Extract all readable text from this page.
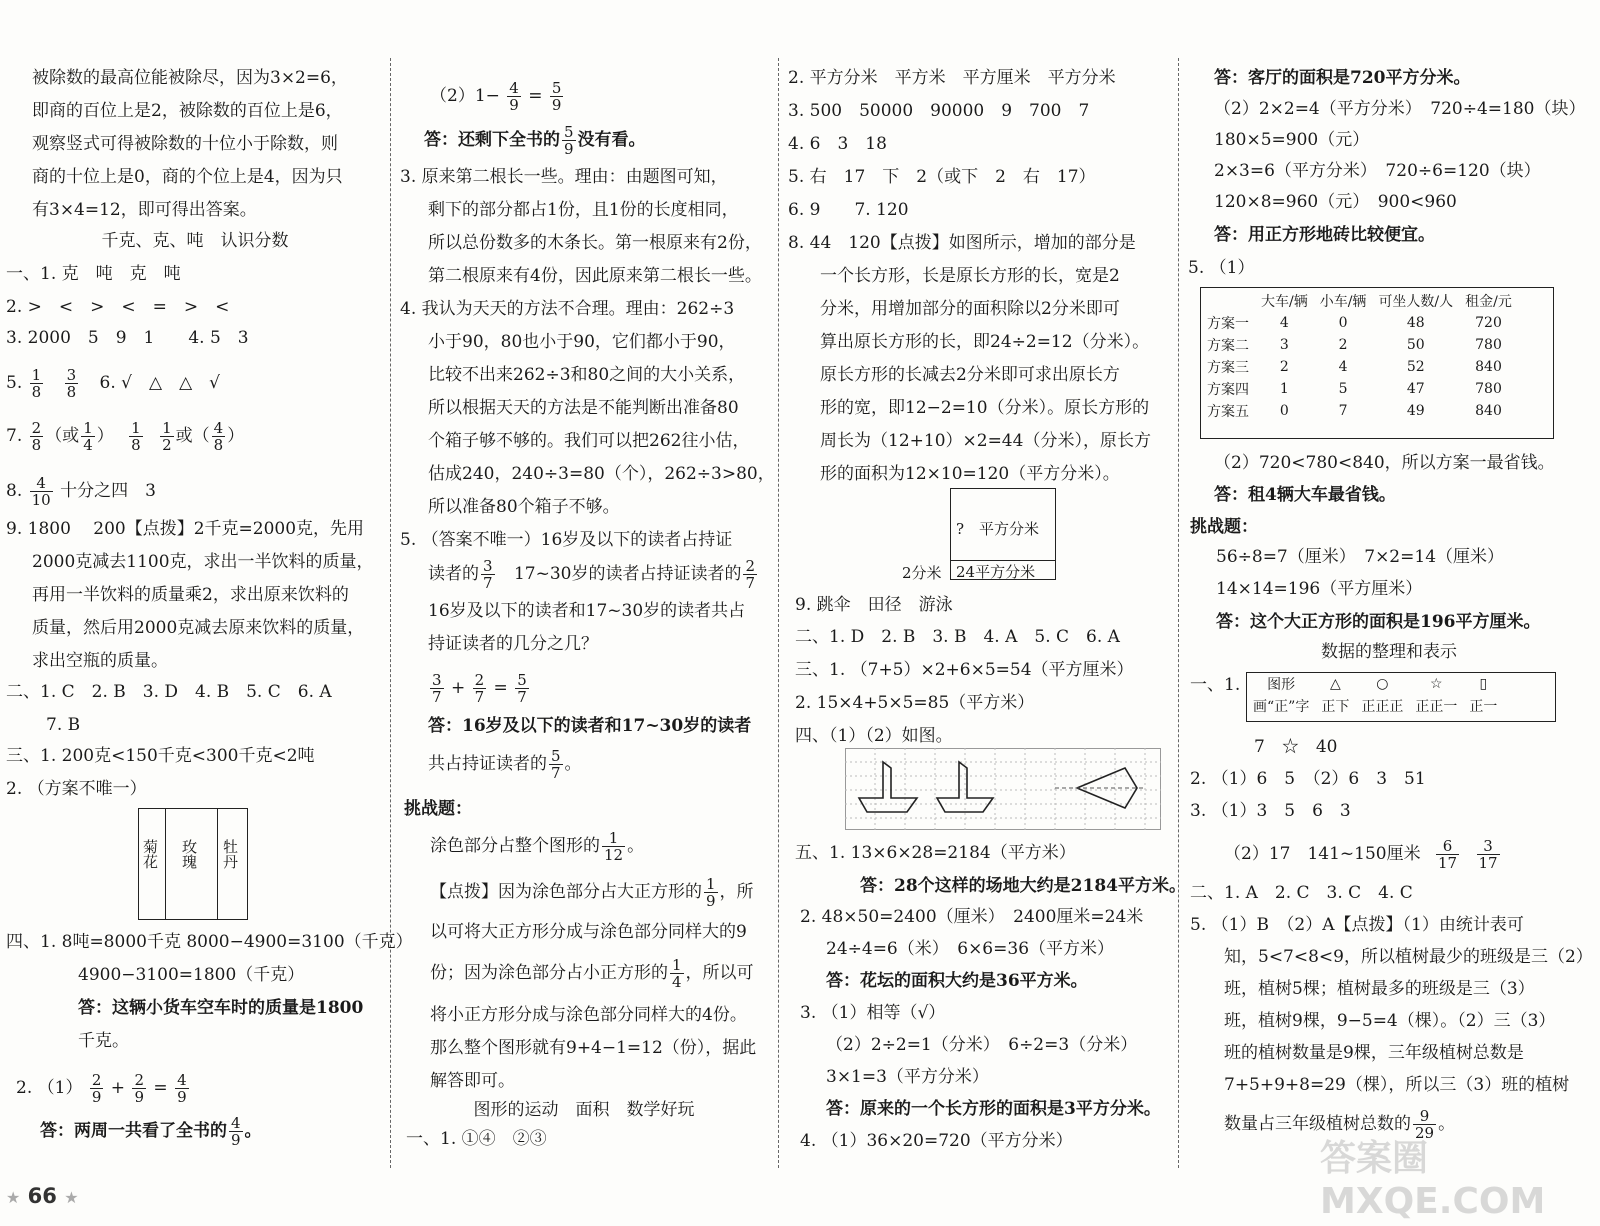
被除数的最高位能被除尽，因为3×2=6，
即商的百位上是2，被除数的百位上是6，
观察竖式可得被除数的十位小于除数，则
商的十位上是0，商的个位上是4，因为只
有3×4=12，即可得出答案。
千克、克、吨　认识分数
一、1. 克　吨　克　吨
2. >　<　>　<　=　>　<
3. 2000　5　9　1　　4. 5　3
5. $\frac{1}{8}$
$\frac{3}{8} 6$. √　△　△　√
7. $\frac{2}{8}$ （或 $\frac{1}{4}$ ） $\frac{1}{8}$
$\frac{1}{2}$ 或（ $\frac{4}{8}$ ）
8. $\frac{4}{10}$ 十分之四　3
9. 1800　 200【点拨】2千克=2000克，先用
2000克减去1100克，求出一半饮料的质量，
再用一半饮料的质量乘2，求出原来饮料的
质量，然后用2000克减去原来饮料的质量，
求出空瓶的质量。
二、1. C　2. B　3. D　4. B　5. C　6. A
7. B
三、1. 200克<150千克<300千克<2吨
2. （方案不唯一）
菊花 玫瑰 牡丹
四、1. 8吨=8000千克 8000−4900=3100（千克）
4900−3100=1800（千克）
答：这辆小货车空车时的质量是1800
千克。
2. $(1) \frac{2}{9} + \frac{2}{9} = \frac{4}{9}$
答：两周一共看了全书的 $\frac{4}{9}$ 。
$(2)1- \frac{4}{9} = \frac{5}{9}$
答：还剩下全书的 $\frac{5}{9}$ 没有看。
3. 原来第二根长一些。理由：由题图可知，
剩下的部分都占1份，且1份的长度相同，
所以总份数多的木条长。第一根原来有2份，
第二根原来有4份，因此原来第二根长一些。
4. 我认为天天的方法不合理。理由：262÷3
小于90，80也小于90，它们都小于90，
比较不出来262÷3和80之间的大小关系，
所以根据天天的方法是不能判断出准备80
个箱子够不够的。我们可以把262往小估，
估成240，240÷3=80（个），262÷3>80，
所以准备80个箱子不够。
5. （答案不唯一）16岁及以下的读者占持证
读者的 $\frac{3}{7}$ 17~30岁的读者占持证读者的 $\frac{2}{7}$
16岁及以下的读者和17~30岁的读者共占
持证读者的几分之几？
$\frac{3}{7} + \frac{2}{7} = \frac{5}{7}$
答：16岁及以下的读者和17~30岁的读者
共占持证读者的 $\frac{5}{7}$ 。
挑战题：
涂色部分占整个图形的 $\frac{1}{12}$ 。
【点拨】因为涂色部分占大正方形的 $\frac{1}{9}$ ，所
以可将大正方形分成与涂色部分同样大的9
份；因为涂色部分占小正方形的 $\frac{1}{4}$ ，所以可
将小正方形分成与涂色部分同样大的4份。
那么整个图形就有9+4−1=12（份），据此
解答即可。
图形的运动　面积　数学好玩
一、1. ①④　②③
2. 平方分米　平方米　平方厘米　平方分米
3. 500　50000　90000　9　700　7
4. 6　3　18
5. 右　17　下　2（或下　2　右　17）
6. 9　　7. 120
8. 44　120【点拨】如图所示，增加的部分是
一个长方形，长是原长方形的长，宽是2
分米，用增加部分的面积除以2分米即可
算出原长方形的长，即24÷2=12（分米）。
原长方形的长减去2分米即可求出原长方
形的宽，即12−2=10（分米）。原长方形的
周长为（12+10）×2=44（分米），原长方
形的面积为12×10=120（平方分米）。
?　平方分米
2分米 24平方分米
9. 跳伞　田径　游泳
二、1. D　2. B　3. B　4. A　5. C　6. A
三、1. （7+5）×2+6×5=54（平方厘米）
2. 15×4+5×5=85（平方米）
四、（1）（2）如图。
五、1. 13×6×28=2184（平方米）
答：28个这样的场地大约是2184平方米。
2. 48×50=2400（厘米）　2400厘米=24米
24÷4=6（米）　6×6=36（平方米）
答：花坛的面积大约是36平方米。
3. （1）相等（√）
（2）2÷2=1（分米）　6÷2=3（分米）
3×1=3（平方分米）
答：原来的一个长方形的面积是3平方分米。
4. （1）36×20=720（平方分米）
答：客厅的面积是720平方分米。
（2）2×2=4（平方分米）　720÷4=180（块）
180×5=900（元）
2×3=6（平方分米）　720÷6=120（块）
120×8=960（元）　900<960
答：用正方形地砖比较便宜。
5. （1）
	大车/辆	小车/辆	可坐人数/人	租金/元
方案一	4	0	48	720
方案二	3	2	50	780
方案三	2	4	52	840
方案四	1	5	47	780
方案五	0	7	49	840
（2）720<780<840，所以方案一最省钱。
答：租4辆大车最省钱。
挑战题：
56÷8=7（厘米）　7×2=14（厘米）
14×14=196（平方厘米）
答：这个大正方形的面积是196平方厘米。
数据的整理和表示
一、1. 图形	△	○	☆	▯
画“正”字	正下	正正正	正正一	正一
7　☆　40
2. （1）6　5　（2）6　3　51
3. （1）3　5　6　3
（2）17　141~150厘米 $\frac{6}{17}$
$\frac{3}{17}$
二、1. A　2. C　3. C　4. C
5. （1）B　（2）A【点拨】（1）由统计表可
知，5<7<8<9，所以植树最少的班级是三（2）
班，植树5棵；植树最多的班级是三（3）
班，植树9棵，9−5=4（棵）。（2）三（3）
班的植树数量是9棵，三年级植树总数是
7+5+9+8=29（棵），所以三（3）班的植树
数量占三年级植树总数的 $\frac{9}{29}$ 。
★ 66 ★
答案圈 MXQE.COM
